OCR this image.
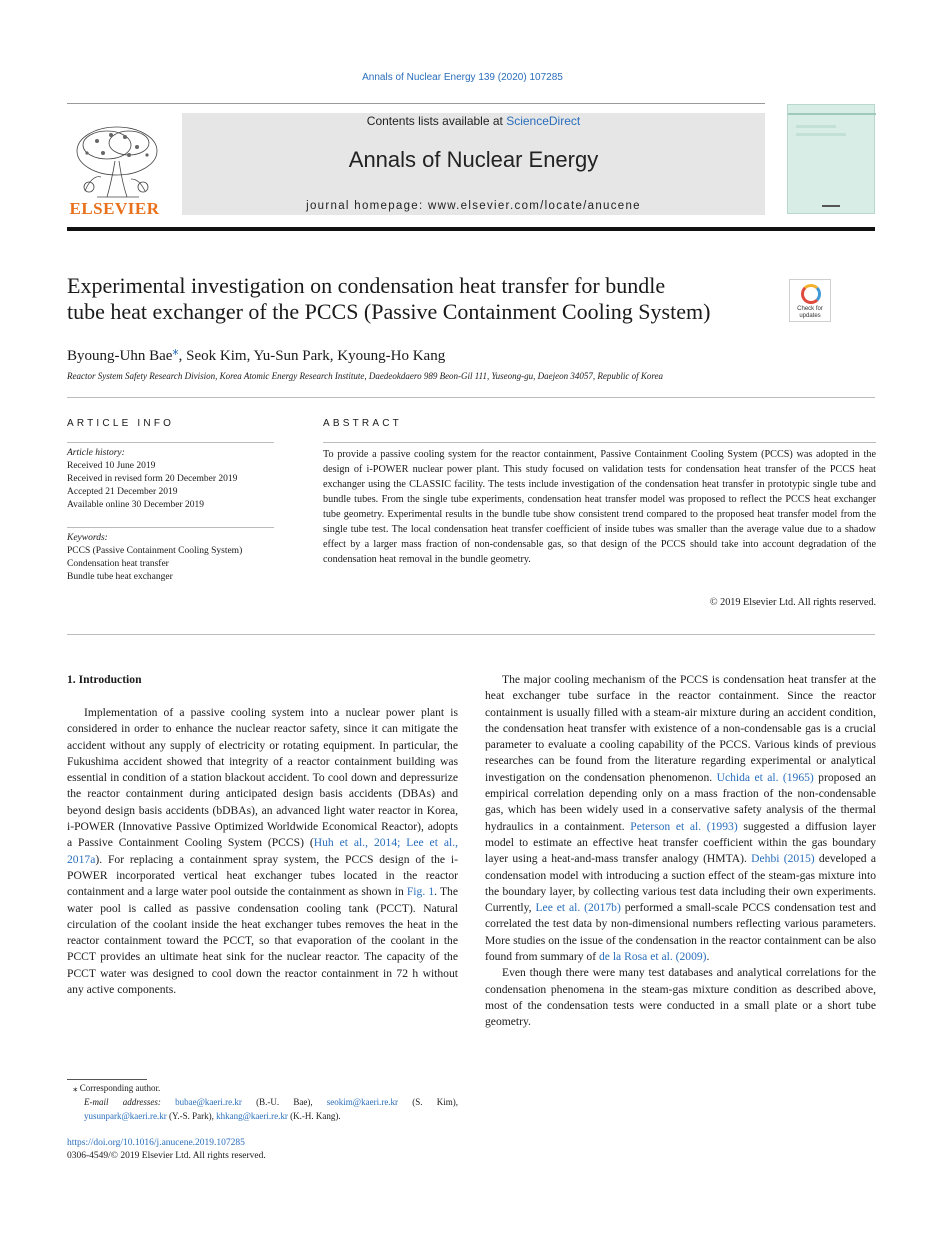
Annals of Nuclear Energy 139 (2020) 107285
ELSEVIER
Contents lists available at ScienceDirect
Annals of Nuclear Energy
journal homepage: www.elsevier.com/locate/anucene
Experimental investigation on condensation heat transfer for bundle
tube heat exchanger of the PCCS (Passive Containment Cooling System)	Check for updates
Byoung-Uhn Bae⁎, Seok Kim, Yu-Sun Park, Kyoung-Ho Kang
Reactor System Safety Research Division, Korea Atomic Energy Research Institute, Daedeokdaero 989 Beon-Gil 111, Yuseong-gu, Daejeon 34057, Republic of Korea
ARTICLE INFO	ABSTRACT
Article history:
Received 10 June 2019
Received in revised form 20 December 2019
Accepted 21 December 2019
Available online 30 December 2019
Keywords:
PCCS (Passive Containment Cooling System)
Condensation heat transfer
Bundle tube heat exchanger
To provide a passive cooling system for the reactor containment, Passive Containment Cooling System (PCCS) was adopted in the design of i-POWER nuclear power plant. This study focused on validation tests for condensation heat transfer of the PCCS heat exchanger using the CLASSIC facility. The tests include investigation of the condensation heat transfer in prototypic single tube and bundle tubes. From the single tube experiments, condensation heat transfer model was proposed to reflect the PCCS heat exchanger tube geometry. Experimental results in the bundle tube show consistent trend compared to the proposed heat transfer model from the single tube test. The local condensation heat transfer coefficient of inside tubes was smaller than the average value due to a shadow effect by a larger mass fraction of non-condensable gas, so that design of the PCCS should take into account degradation of the condensation heat removal in the bundle geometry.
© 2019 Elsevier Ltd. All rights reserved.
1. Introduction

Implementation of a passive cooling system into a nuclear power plant is considered in order to enhance the nuclear reactor safety, since it can mitigate the accident without any supply of electricity or rotating equipment. In particular, the Fukushima accident showed that integrity of a reactor containment building was essential in condition of a station blackout accident. To cool down and depressurize the reactor containment during anticipated design basis accidents (DBAs) and beyond design basis accidents (bDBAs), an advanced light water reactor in Korea, i-POWER (Innovative Passive Optimized Worldwide Economical Reactor), adopts a Passive Containment Cooling System (PCCS) (Huh et al., 2014; Lee et al., 2017a). For replacing a containment spray system, the PCCS design of the i-POWER incorporated vertical heat exchanger tubes located in the reactor containment and a large water pool outside the containment as shown in Fig. 1. The water pool is called as passive condensation cooling tank (PCCT). Natural circulation of the coolant inside the heat exchanger tubes removes the heat in the reactor containment toward the PCCT, so that evaporation of the coolant in the PCCT provides an ultimate heat sink for the nuclear reactor. The capacity of the PCCT water was designed to cool down the reactor containment in 72 h without any active components.

The major cooling mechanism of the PCCS is condensation heat transfer at the heat exchanger tube surface in the reactor containment. Since the reactor containment is usually filled with a steam-air mixture during an accident condition, the condensation heat transfer with existence of a non-condensable gas is a crucial parameter to evaluate a cooling capability of the PCCS. Various kinds of previous researches can be found from the literature regarding experimental or analytical investigation on the condensation phenomenon. Uchida et al. (1965) proposed an empirical correlation depending only on a mass fraction of the non-condensable gas, which has been widely used in a conservative safety analysis of the thermal hydraulics in a containment. Peterson et al. (1993) suggested a diffusion layer model to estimate an effective heat transfer coefficient within the gas boundary layer using a heat-and-mass transfer analogy (HMTA). Dehbi (2015) developed a condensation model with introducing a suction effect of the steam-gas mixture into the boundary layer, by collecting various test data including their own experiments. Currently, Lee et al. (2017b) performed a small-scale PCCS condensation test and correlated the test data by non-dimensional numbers reflecting various parameters. More studies on the issue of the condensation in the reactor containment can be also found from summary of de la Rosa et al. (2009).

Even though there were many test databases and analytical correlations for the condensation phenomena in the steam-gas mixture condition as described above, most of the condensation tests were conducted in a small plate or a short tube geometry.

⁎ Corresponding author.
E-mail addresses: bubae@kaeri.re.kr (B.-U. Bae), seokim@kaeri.re.kr (S. Kim), yusunpark@kaeri.re.kr (Y.-S. Park), khkang@kaeri.re.kr (K.-H. Kang).
https://doi.org/10.1016/j.anucene.2019.107285
0306-4549/© 2019 Elsevier Ltd. All rights reserved.
